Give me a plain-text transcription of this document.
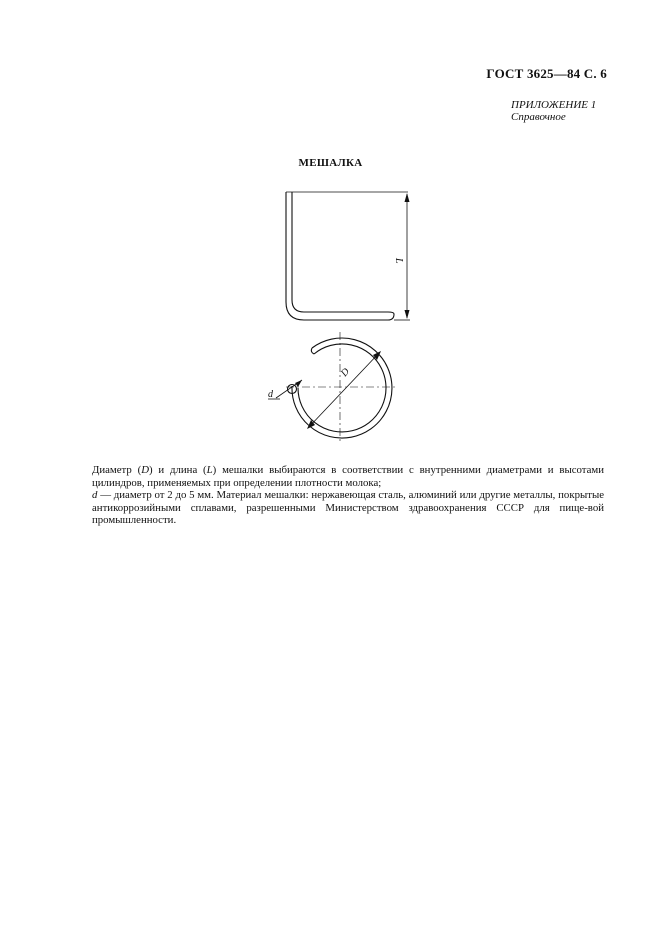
ГОСТ 3625—84 С. 6
ПРИЛОЖЕНИЕ 1
Справочное
МЕШАЛКА
L
D
d

Диаметр (D) и длина (L) мешалки выбираются в соответствии с внутренними диаметрами и высотами цилиндров, применяемых при определении плотности молока;

d — диаметр от 2 до 5 мм. Материал мешалки: нержавеющая сталь, алюминий или другие металлы, покрытые антикоррозийными сплавами, разрешенными Министерством здравоохранения СССР для пище-вой промышленности.
